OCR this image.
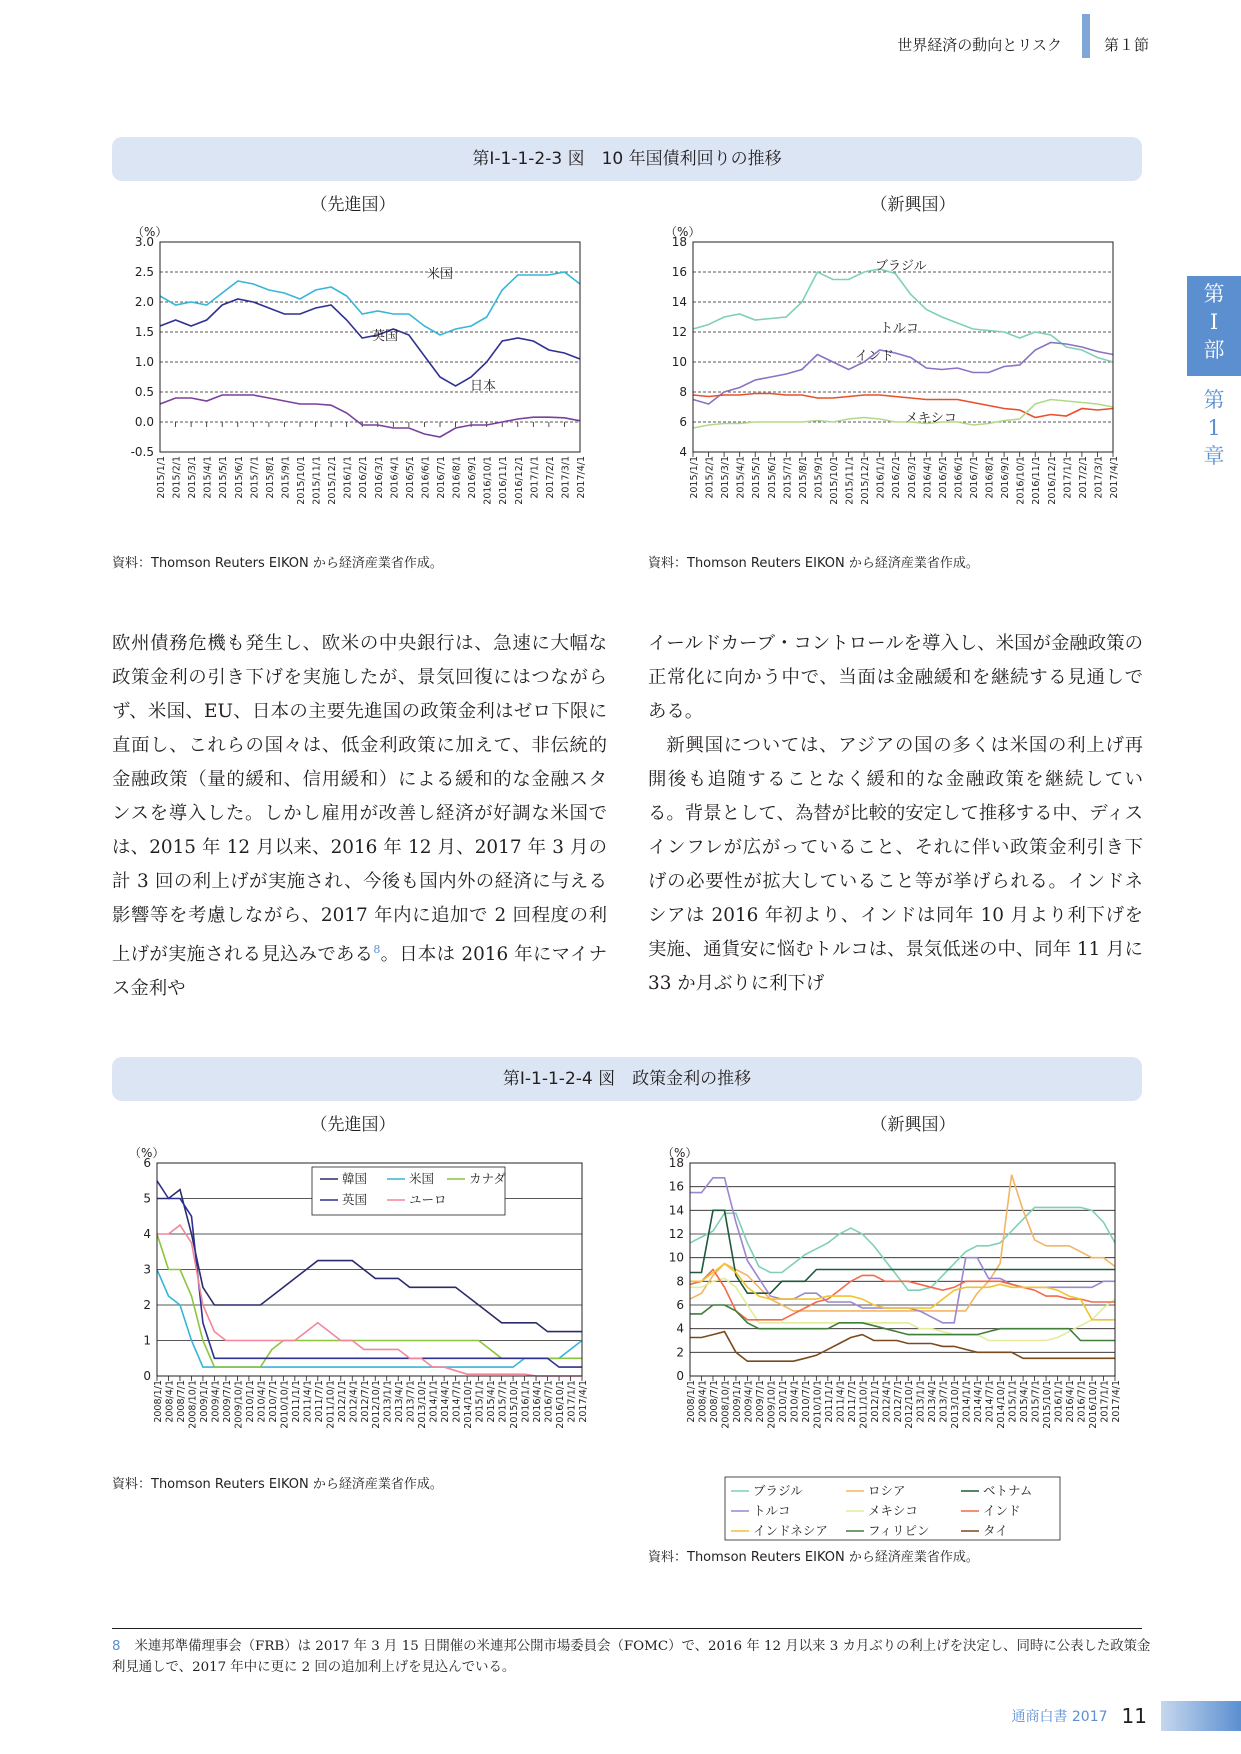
世界経済の動向とリスク	第１節
第
Ⅰ
部
第
1
章
第Ⅰ-1-1-2-3 図　10 年国債利回りの推移
（先進国）	（新興国）
（%）
3.0
2.5
2.0
1.5
1.0
0.5
0.0
-0.5
2015/1/1 2015/2/1 2015/3/1 2015/4/1 2015/5/1 2015/6/1 2015/7/1 2015/8/1 2015/9/1 2015/10/1 2015/11/1 2015/12/1 2016/1/1 2016/2/1 2016/3/1 2016/4/1 2016/5/1 2016/6/1 2016/7/1 2016/8/1 2016/9/1 2016/10/1 2016/11/1 2016/12/1 2017/1/1 2017/2/1 2017/3/1 2017/4/1
米国
英国
日本
（%）
18
16
14
12
10
8
6
4
2015/1/1 2015/2/1 2015/3/1 2015/4/1 2015/5/1 2015/6/1 2015/7/1 2015/8/1 2015/9/1 2015/10/1 2015/11/1 2015/12/1 2016/1/1 2016/2/1 2016/3/1 2016/4/1 2016/5/1 2016/6/1 2016/7/1 2016/8/1 2016/9/1 2016/10/1 2016/11/1 2016/12/1 2017/1/1 2017/2/1 2017/3/1 2017/4/1
ブラジル
トルコ
インド
メキシコ
資料：Thomson Reuters EIKON から経済産業省作成。	資料：Thomson Reuters EIKON から経済産業省作成。

欧州債務危機も発生し、欧米の中央銀行は、急速に大幅な政策金利の引き下げを実施したが、景気回復にはつながらず、米国、EU、日本の主要先進国の政策金利はゼロ下限に直面し、これらの国々は、低金利政策に加えて、非伝統的金融政策（量的緩和、信用緩和）による緩和的な金融スタンスを導入した。しかし雇用が改善し経済が好調な米国では、2015 年 12 月以来、2016 年 12 月、2017 年 3 月の計 3 回の利上げが実施され、今後も国内外の経済に与える影響等を考慮しながら、2017 年内に追加で 2 回程度の利上げが実施される見込みである$^8$。日本は 2016 年にマイナス金利や

イールドカーブ・コントロールを導入し、米国が金融政策の正常化に向かう中で、当面は金融緩和を継続する見通しである。

新興国については、アジアの国の多くは米国の利上げ再開後も追随することなく緩和的な金融政策を継続している。背景として、為替が比較的安定して推移する中、ディスインフレが広がっていること、それに伴い政策金利引き下げの必要性が拡大していること等が挙げられる。インドネシアは 2016 年初より、インドは同年 10 月より利下げを実施、通貨安に悩むトルコは、景気低迷の中、同年 11 月に 33 か月ぶりに利下げ

第Ⅰ-1-1-2-4 図　政策金利の推移
（先進国）	（新興国）
（%）
6
5
4
3
2
1
0
2008/1/1 2008/4/1 2008/7/1 2008/10/1 2009/1/1 2009/4/1 2009/7/1 2009/10/1 2010/1/1 2010/4/1 2010/7/1 2010/10/1 2011/1/1 2011/4/1 2011/7/1 2011/10/1 2012/1/1 2012/4/1 2012/7/1 2012/10/1 2013/1/1 2013/4/1 2013/7/1 2013/10/1 2014/1/1 2014/4/1 2014/7/1 2014/10/1 2015/1/1 2015/4/1 2015/7/1 2015/10/1 2016/1/1 2016/4/1 2016/7/1 2016/10/1 2017/1/1 2017/4/1
韓国	米国	カナダ
英国	ユーロ
（%）
18
16
14
12
10
8
6
4
2
0
2008/1/1 2008/4/1 2008/7/1 2008/10/1 2009/1/1 2009/4/1 2009/7/1 2009/10/1 2010/1/1 2010/4/1 2010/7/1 2010/10/1 2011/1/1 2011/4/1 2011/7/1 2011/10/1 2012/1/1 2012/4/1 2012/7/1 2012/10/1 2013/1/1 2013/4/1 2013/7/1 2013/10/1 2014/1/1 2014/4/1 2014/7/1 2014/10/1 2015/1/1 2015/4/1 2015/7/1 2015/10/1 2016/1/1 2016/4/1 2016/7/1 2016/10/1 2017/1/1 2017/4/1
ブラジル	ロシア	ベトナム
トルコ	メキシコ	インド
インドネシア	フィリピン	タイ
資料：Thomson Reuters EIKON から経済産業省作成。
資料：Thomson Reuters EIKON から経済産業省作成。
8 米連邦準備理事会（FRB）は 2017 年 3 月 15 日開催の米連邦公開市場委員会（FOMC）で、2016 年 12 月以来 3 カ月ぶりの利上げを決定し、同時に公表した政策金利見通しで、2017 年中に更に 2 回の追加利上げを見込んでいる。
通商白書 2017 11
